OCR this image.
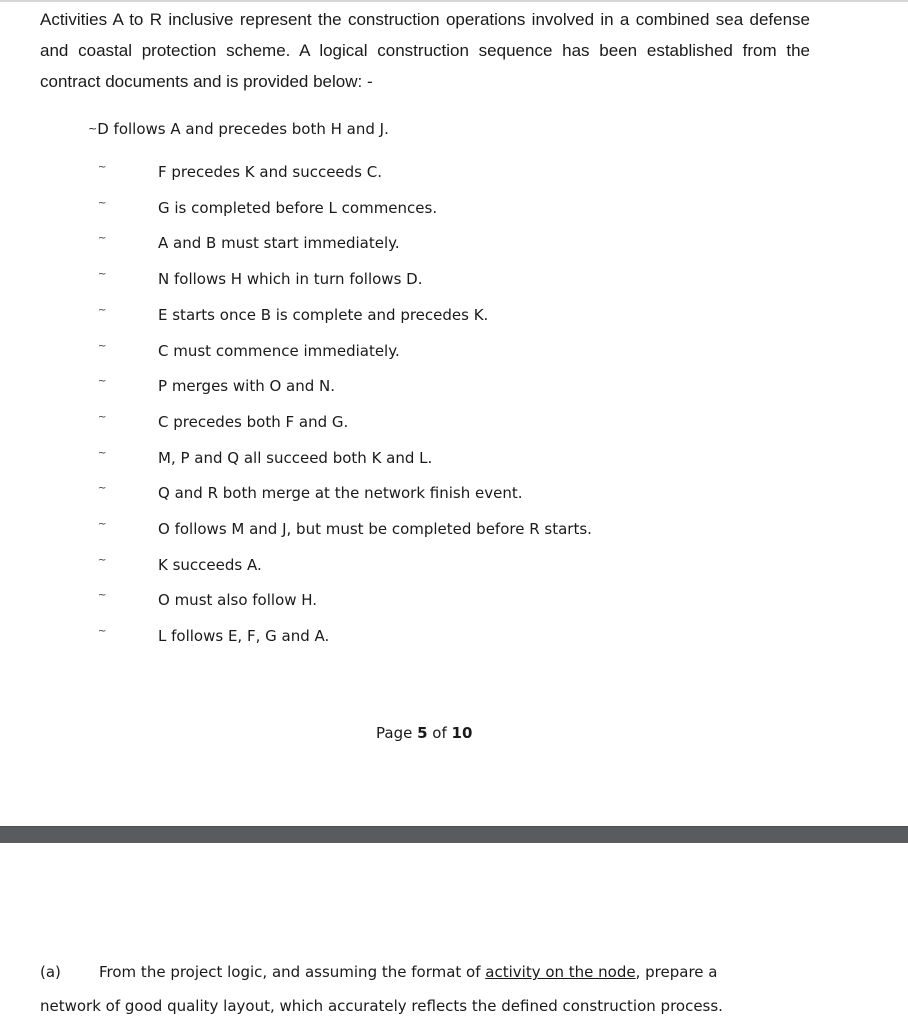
Activities A to R inclusive represent the construction operations involved in a combined sea defense and coastal protection scheme. A logical construction sequence has been established from the contract documents and is provided below: -

~D follows A and precedes both H and J.
~	F precedes K and succeeds C.
~	G is completed before L commences.
~	A and B must start immediately.
~	N follows H which in turn follows D.
~	E starts once B is complete and precedes K.
~	C must commence immediately.
~	P merges with O and N.
~	C precedes both F and G.
~	M, P and Q all succeed both K and L.
~	Q and R both merge at the network finish event.
~	O follows M and J, but must be completed before R starts.
~	K succeeds A.
~	O must also follow H.
~	L follows E, F, G and A.
Page 5 of 10
(a)	From the project logic, and assuming the format of activity on the node, prepare a
network of good quality layout, which accurately reflects the defined construction process.
